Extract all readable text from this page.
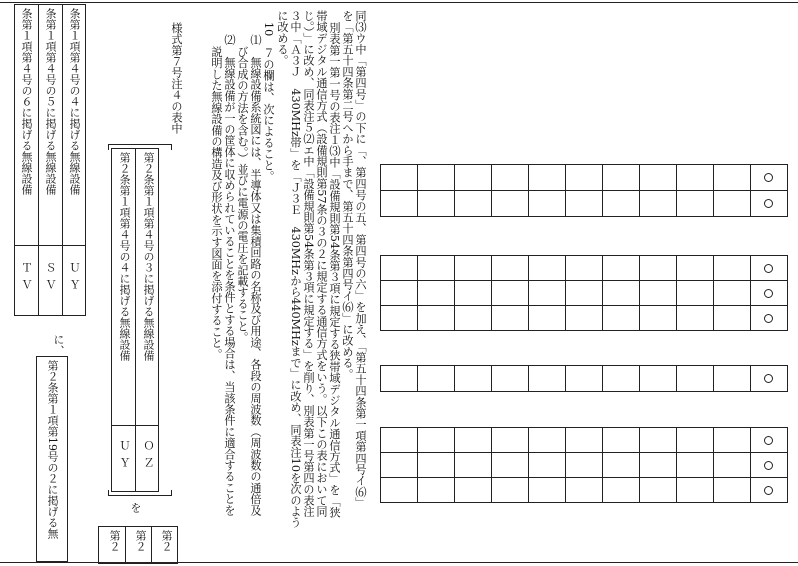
同⑶ウ中「第四号」の下に「、第四号の五、第四号の六」を加え、「第五十四条第一項第四号イ⑹」
を「第五十四条第二号へから手まで、第五十四条第四号イ⑹」に改める。
別表第一第一号の表注１⑶中「設備規則第54条第３項に規定する狭帯域デジタル通信方式」を「狭
帯域デジタル通信方式（設備規則第57条の３の２に規定する通信方式をいう。以下この表において同
じ。）」に改め、同表注５⑵エ中「設備規則第54条第３項に規定する」を削り、別表第一号第四の表注
３中「Ａ３Ｊ　430MHz帯」を「Ｊ３Ｅ　430MHzから440MHzまで」に改め、同表注10を次のよう
に改める。
10　７の欄は、次によること。
⑴　無線設備系統図には、半導体又は集積回路の名称及び用途、各段の周波数（周波数の通倍及
び合成の方法を含む。）並びに電源の電圧を記載すること。
⑵　無線設備が一の筐体に収められていることを条件とする場合は、当該条件に適合することを
説明した無線設備の構造及び形状を示す図面を添付すること。
様式第７号注４の表中
第２条第１項第４号の３に掲げる無線設備
第２条第１項第４号の４に掲げる無線設備
ＯＺ
ＵＹ
を
に、
条第１項第４号の４に掲げる無線設備
条第１項第４号の５に掲げる無線設備
条第１項第４号の６に掲げる無線設備
ＵＹ
ＳＶ
ＴＶ
第２条第１項第19号の２に掲げる無
第２
第２
第２
